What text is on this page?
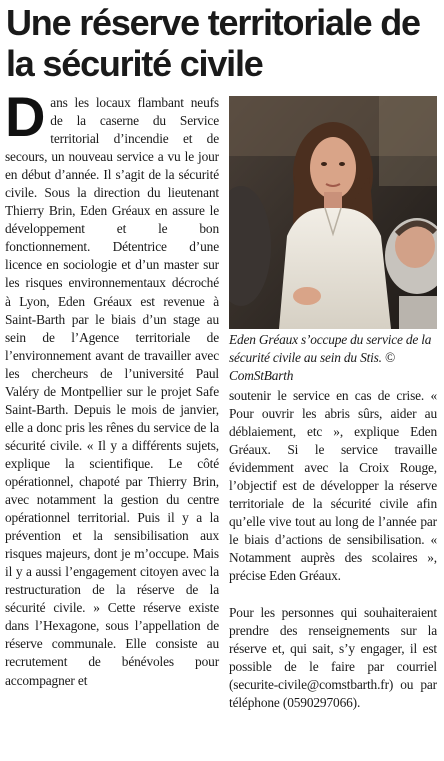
Une réserve territoriale de la sécurité civile

Dans les locaux flambant neufs de la caserne du Service territorial d’incendie et de secours, un nouveau service a vu le jour en début d’année. Il s’agit de la sécurité civile. Sous la direction du lieutenant Thierry Brin, Eden Gréaux en assure le développement et le bon fonctionnement. Détentrice d’une licence en sociologie et d’un master sur les risques environnementaux décroché à Lyon, Eden Gréaux est revenue à Saint-Barth par le biais d’un stage au sein de l’Agence territoriale de l’environnement avant de travailler avec les chercheurs de l’université Paul Valéry de Montpellier sur le projet Safe Saint-Barth. Depuis le mois de janvier, elle a donc pris les rênes du service de la sécurité civile. « Il y a différents sujets, explique la scientifique. Le côté opérationnel, chapoté par Thierry Brin, avec notamment la gestion du centre opérationnel territorial. Puis il y a la prévention et la sensibilisation aux risques majeurs, dont je m’occupe. Mais il y a aussi l’engagement citoyen avec la restructuration de la réserve de la sécurité civile. » Cette réserve existe dans l’Hexagone, sous l’appellation de réserve communale. Elle consiste au recrutement de bénévoles pour accompagner et

Eden Gréaux s’occupe du service de la sécurité civile au sein du Stis. © ComStBarth

soutenir le service en cas de crise. « Pour ouvrir les abris sûrs, aider au déblaiement, etc », explique Eden Gréaux. Si le service travaille évidemment avec la Croix Rouge, l’objectif est de développer la réserve territoriale de la sécurité civile afin qu’elle vive tout au long de l’année par le biais d’actions de sensibilisation. « Notamment auprès des scolaires », précise Eden Gréaux.

Pour les personnes qui souhaiteraient prendre des renseignements sur la réserve et, qui sait, s’y engager, il est possible de le faire par courriel (securite-civile@comstbarth.fr) ou par téléphone (0590297066).
